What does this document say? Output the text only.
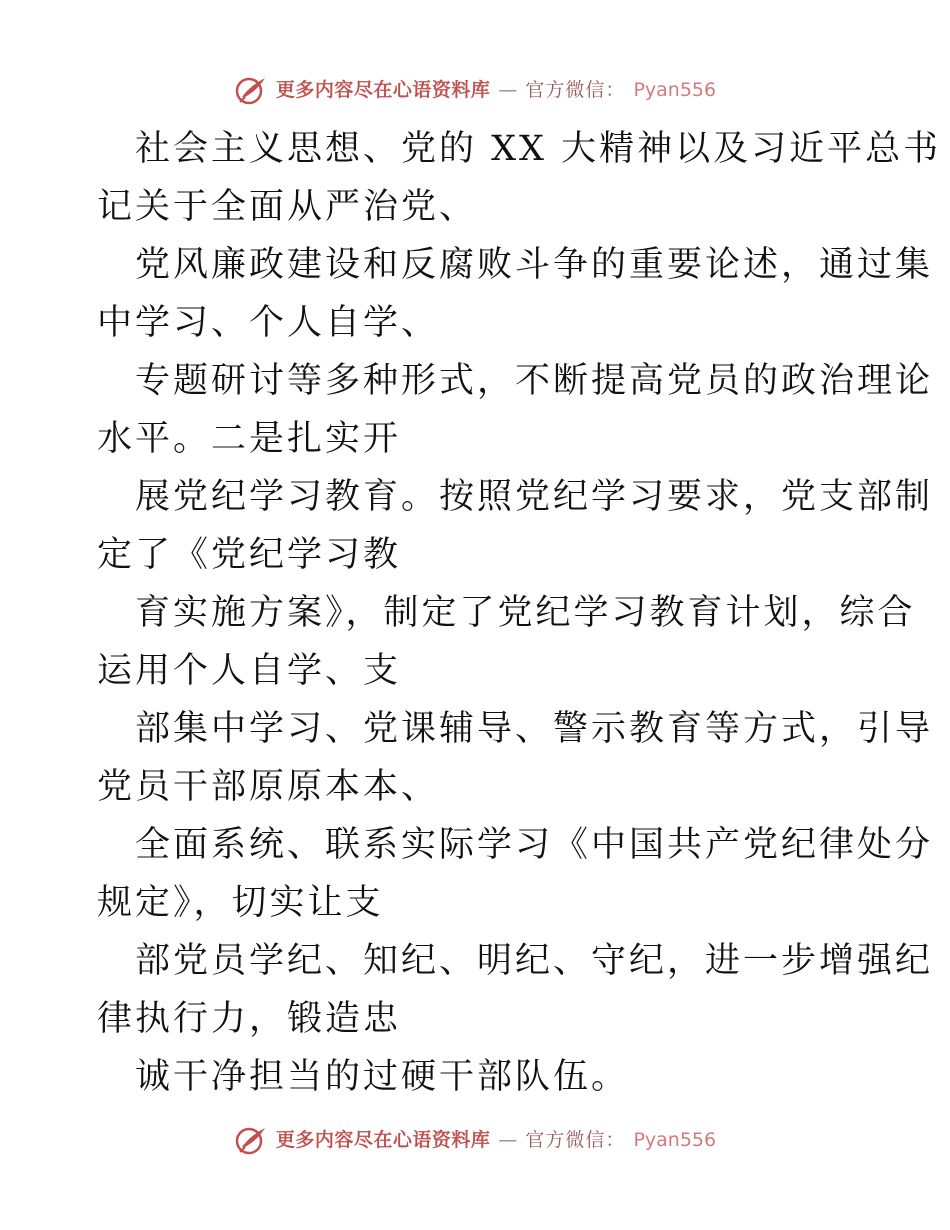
更多内容尽在心语资料库 — 官方微信： Pyan556
社会主义思想、党的 XX 大精神以及习近平总书
记关于全面从严治党、
党风廉政建设和反腐败斗争的重要论述，通过集
中学习、个人自学、
专题研讨等多种形式，不断提高党员的政治理论
水平。二是扎实开
展党纪学习教育。按照党纪学习要求，党支部制
定了《党纪学习教
育实施方案》，制定了党纪学习教育计划，综合
运用个人自学、支
部集中学习、党课辅导、警示教育等方式，引导
党员干部原原本本、
全面系统、联系实际学习《中国共产党纪律处分
规定》，切实让支
部党员学纪、知纪、明纪、守纪，进一步增强纪
律执行力，锻造忠
诚干净担当的过硬干部队伍。
更多内容尽在心语资料库 — 官方微信： Pyan556
